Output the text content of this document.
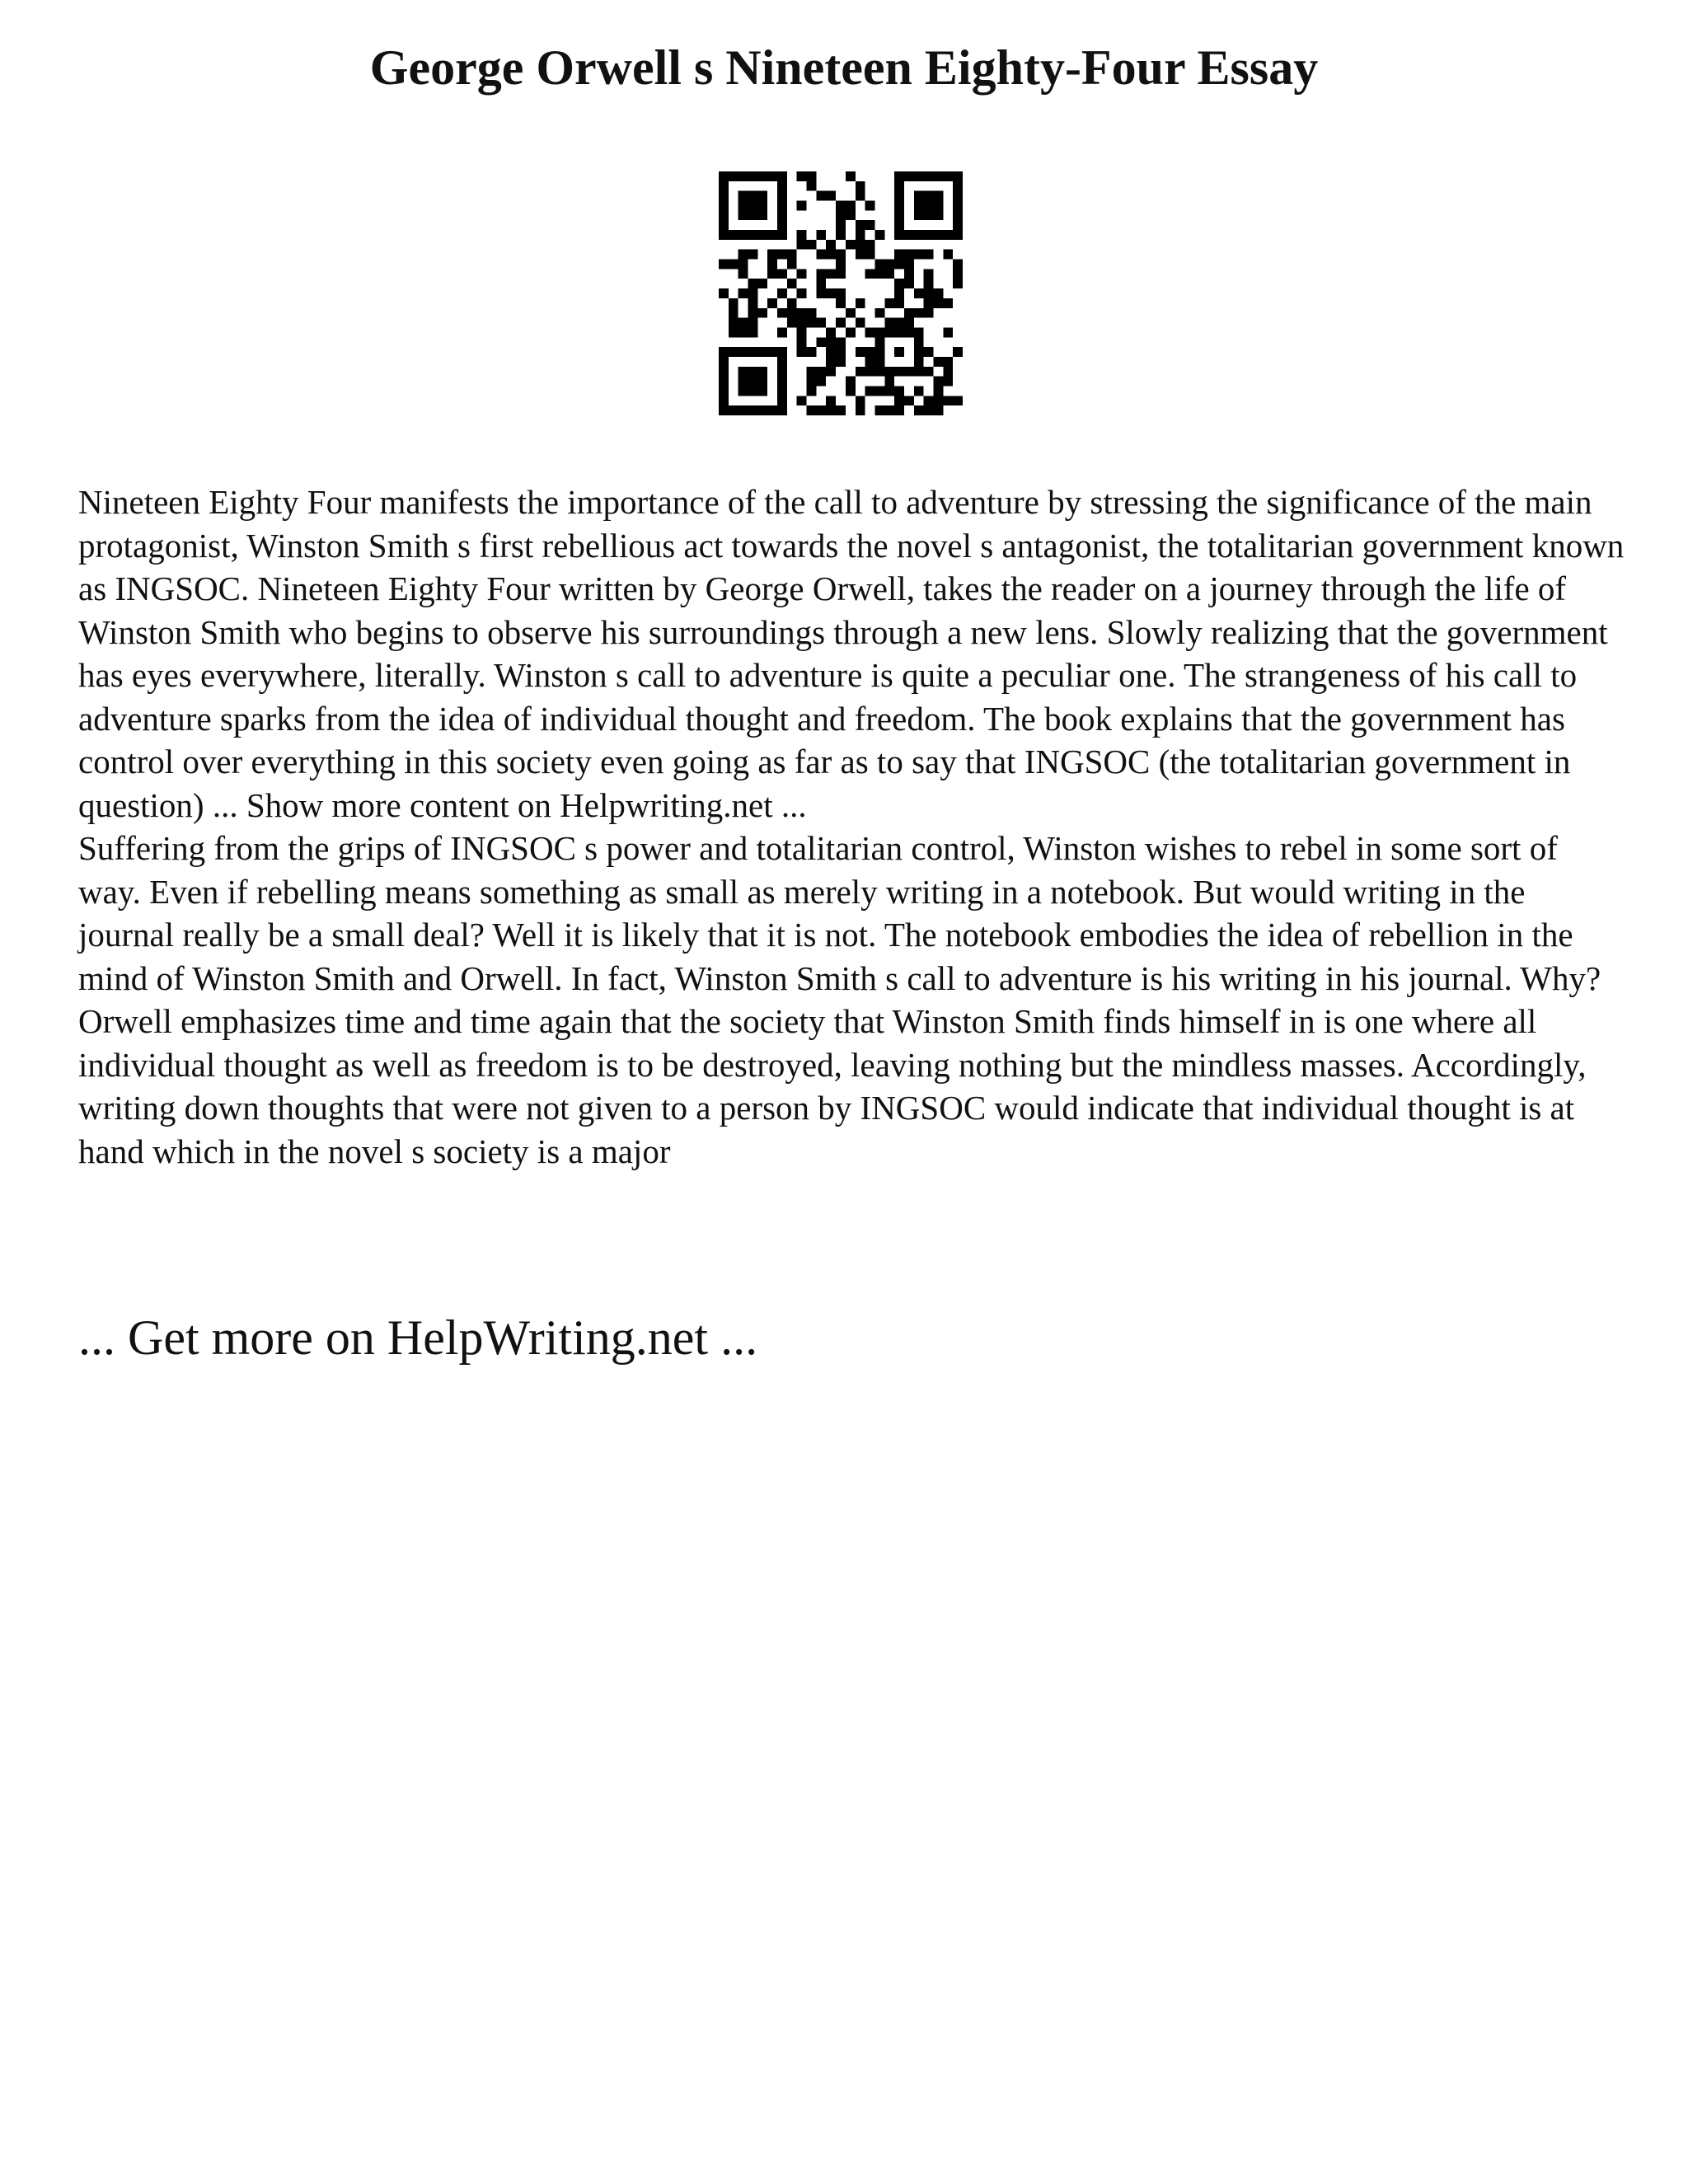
George Orwell s Nineteen Eighty-Four Essay

Nineteen Eighty Four manifests the importance of the call to adventure by stressing the significance of the main protagonist, Winston Smith s first rebellious act towards the novel s antagonist, the totalitarian government known as INGSOC. Nineteen Eighty Four written by George Orwell, takes the reader on a journey through the life of Winston Smith who begins to observe his surroundings through a new lens. Slowly realizing that the government has eyes everywhere, literally. Winston s call to adventure is quite a peculiar one. The strangeness of his call to adventure sparks from the idea of individual thought and freedom. The book explains that the government has control over everything in this society even going as far as to say that INGSOC (the totalitarian government in question) ... Show more content on Helpwriting.net ...

Suffering from the grips of INGSOC s power and totalitarian control, Winston wishes to rebel in some sort of way. Even if rebelling means something as small as merely writing in a notebook. But would writing in the journal really be a small deal? Well it is likely that it is not. The notebook embodies the idea of rebellion in the mind of Winston Smith and Orwell. In fact, Winston Smith s call to adventure is his writing in his journal. Why? Orwell emphasizes time and time again that the society that Winston Smith finds himself in is one where all individual thought as well as freedom is to be destroyed, leaving nothing but the mindless masses. Accordingly, writing down thoughts that were not given to a person by INGSOC would indicate that individual thought is at hand which in the novel s society is a major

... Get more on HelpWriting.net ...
